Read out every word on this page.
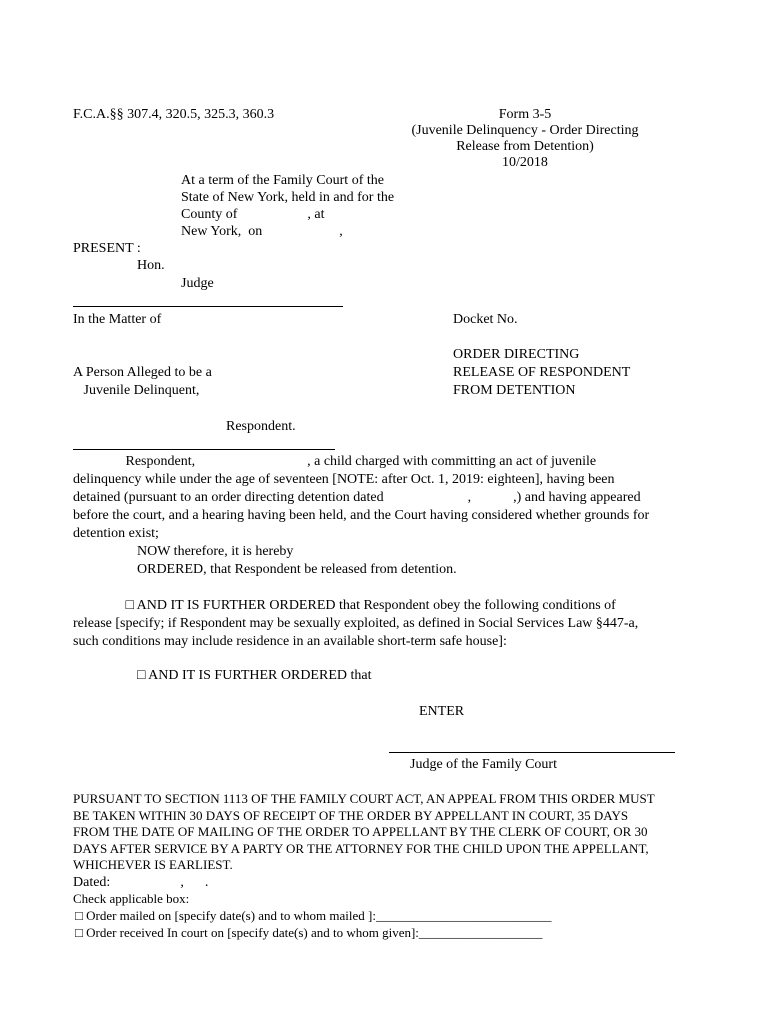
F.C.A.§§ 307.4, 320.5, 325.3, 360.3	Form 3-5
(Juvenile Delinquency - Order Directing
Release from Detention)
10/2018
At a term of the Family Court of the
State of New York, held in and for the
County of                    , at
New York,  on                      ,
PRESENT :
Hon.
Judge
In the Matter of	Docket No.
A Person Alleged to be a
Juvenile Delinquent,
ORDER DIRECTING
RELEASE OF RESPONDENT
FROM DETENTION
Respondent.
Respondent,                                , a child charged with committing an act of juvenile
delinquency while under the age of seventeen [NOTE: after Oct. 1, 2019: eighteen], having been
detained (pursuant to an order directing detention dated                        ,            ,) and having appeared
before the court, and a hearing having been held, and the Court having considered whether grounds for
detention exist;
NOW therefore, it is hereby
ORDERED, that Respondent be released from detention.
□ AND IT IS FURTHER ORDERED that Respondent obey the following conditions of
release [specify; if Respondent may be sexually exploited, as defined in Social Services Law §447-a,
such conditions may include residence in an available short-term safe house]:
□ AND IT IS FURTHER ORDERED that
ENTER
Judge of the Family Court
PURSUANT TO SECTION 1113 OF THE FAMILY COURT ACT, AN APPEAL FROM THIS ORDER MUST
BE TAKEN WITHIN 30 DAYS OF RECEIPT OF THE ORDER BY APPELLANT IN COURT, 35 DAYS
FROM THE DATE OF MAILING OF THE ORDER TO APPELLANT BY THE CLERK OF COURT, OR 30
DAYS AFTER SERVICE BY A PARTY OR THE ATTORNEY FOR THE CHILD UPON THE APPELLANT,
WHICHEVER IS EARLIEST.
Dated:                    ,      .
Check applicable box:
□ Order mailed on [specify date(s) and to whom mailed ]:___________________________
□ Order received In court on [specify date(s) and to whom given]:___________________
